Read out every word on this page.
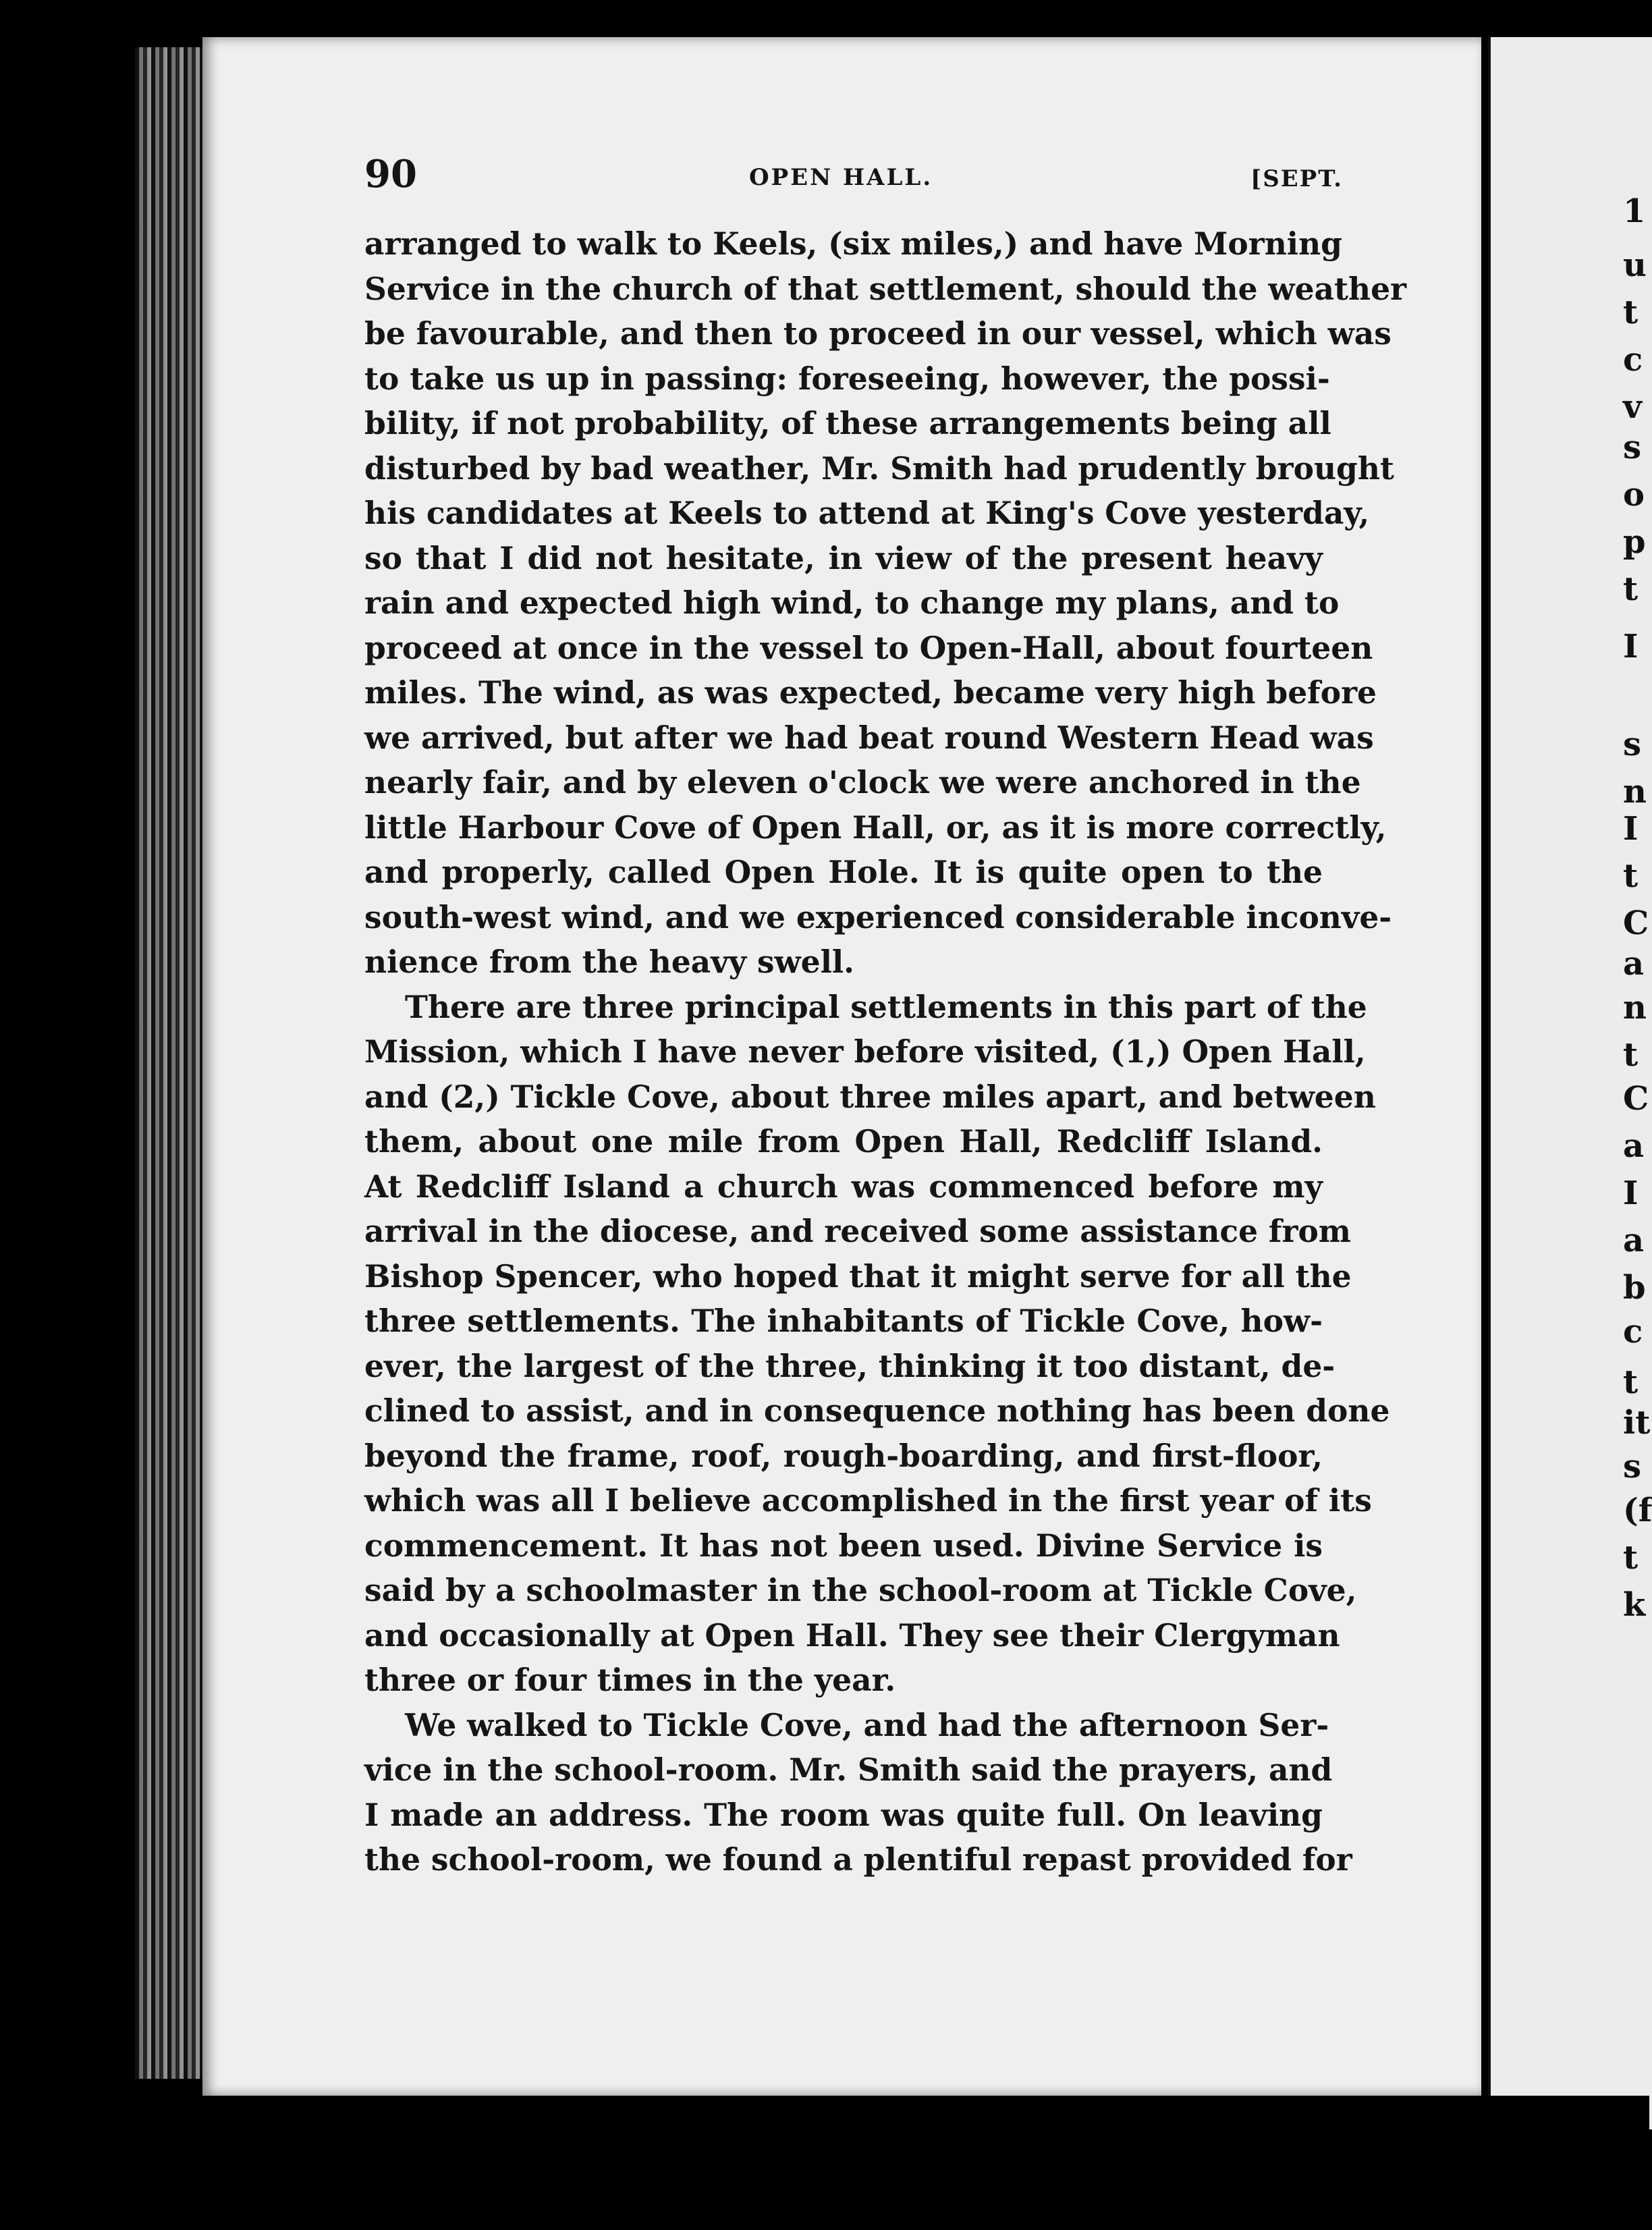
90	OPEN HALL.	[SEPT.
arranged to walk to Keels, (six miles,) and have Morning
Service in the church of that settlement, should the weather
be favourable, and then to proceed in our vessel, which was
to take us up in passing: foreseeing, however, the possi-
bility, if not probability, of these arrangements being all
disturbed by bad weather, Mr. Smith had prudently brought
his candidates at Keels to attend at King's Cove yesterday,
so that I did not hesitate, in view of the present heavy
rain and expected high wind, to change my plans, and to
proceed at once in the vessel to Open-Hall, about fourteen
miles. The wind, as was expected, became very high before
we arrived, but after we had beat round Western Head was
nearly fair, and by eleven o'clock we were anchored in the
little Harbour Cove of Open Hall, or, as it is more correctly,
and properly, called Open Hole. It is quite open to the
south-west wind, and we experienced considerable inconve-
nience from the heavy swell.
There are three principal settlements in this part of the
Mission, which I have never before visited, (1,) Open Hall,
and (2,) Tickle Cove, about three miles apart, and between
them, about one mile from Open Hall, Redcliff Island.
At Redcliff Island a church was commenced before my
arrival in the diocese, and received some assistance from
Bishop Spencer, who hoped that it might serve for all the
three settlements. The inhabitants of Tickle Cove, how-
ever, the largest of the three, thinking it too distant, de-
clined to assist, and in consequence nothing has been done
beyond the frame, roof, rough-boarding, and first-floor,
which was all I believe accomplished in the first year of its
commencement. It has not been used. Divine Service is
said by a schoolmaster in the school-room at Tickle Cove,
and occasionally at Open Hall. They see their Clergyman
three or four times in the year.
We walked to Tickle Cove, and had the afternoon Ser-
vice in the school-room. Mr. Smith said the prayers, and
I made an address. The room was quite full. On leaving
the school-room, we found a plentiful repast provided for
1
u
t
c
v
s
o
p
t
I
s
n
I
t
C
a
n
t
C
a
I
a
b
c
t
it
s
(f
t
k
